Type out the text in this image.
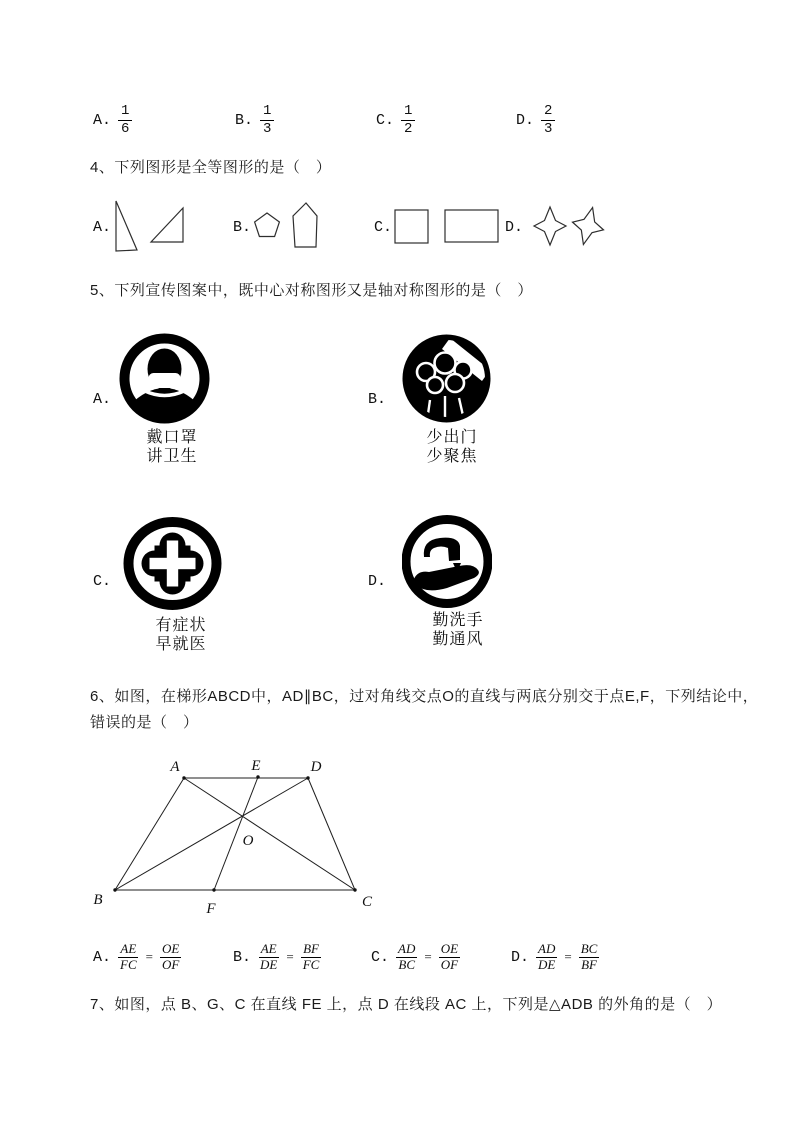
A. $\frac{1}{6}$	B. $\frac{1}{3}$	C. $\frac{1}{2}$	D. $\frac{2}{3}$
4、下列图形是全等图形的是（　）
A.	B.	C.	D.
5、下列宣传图案中，既中心对称图形又是轴对称图形的是（　）
A.	B.
C.	D.
戴口罩
讲卫生
少出门
少聚焦
有症状
早就医
勤洗手
勤通风
6、如图，在梯形ABCD中，AD∥BC，过对角线交点O的直线与两底分别交于点E,F，下列结论中，
错误的是（　）
A	E	D
B
F	C
O
A. $\frac{AE}{FC} = \frac{OE}{OF}$	B. $\frac{AE}{DE} = \frac{BF}{FC}$	C. $\frac{AD}{BC} = \frac{OE}{OF}$	D. $\frac{AD}{DE} = \frac{BC}{BF}$
7、如图，点 B、G、C 在直线 FE 上，点 D 在线段 AC 上，下列是△ADB 的外角的是（　）
